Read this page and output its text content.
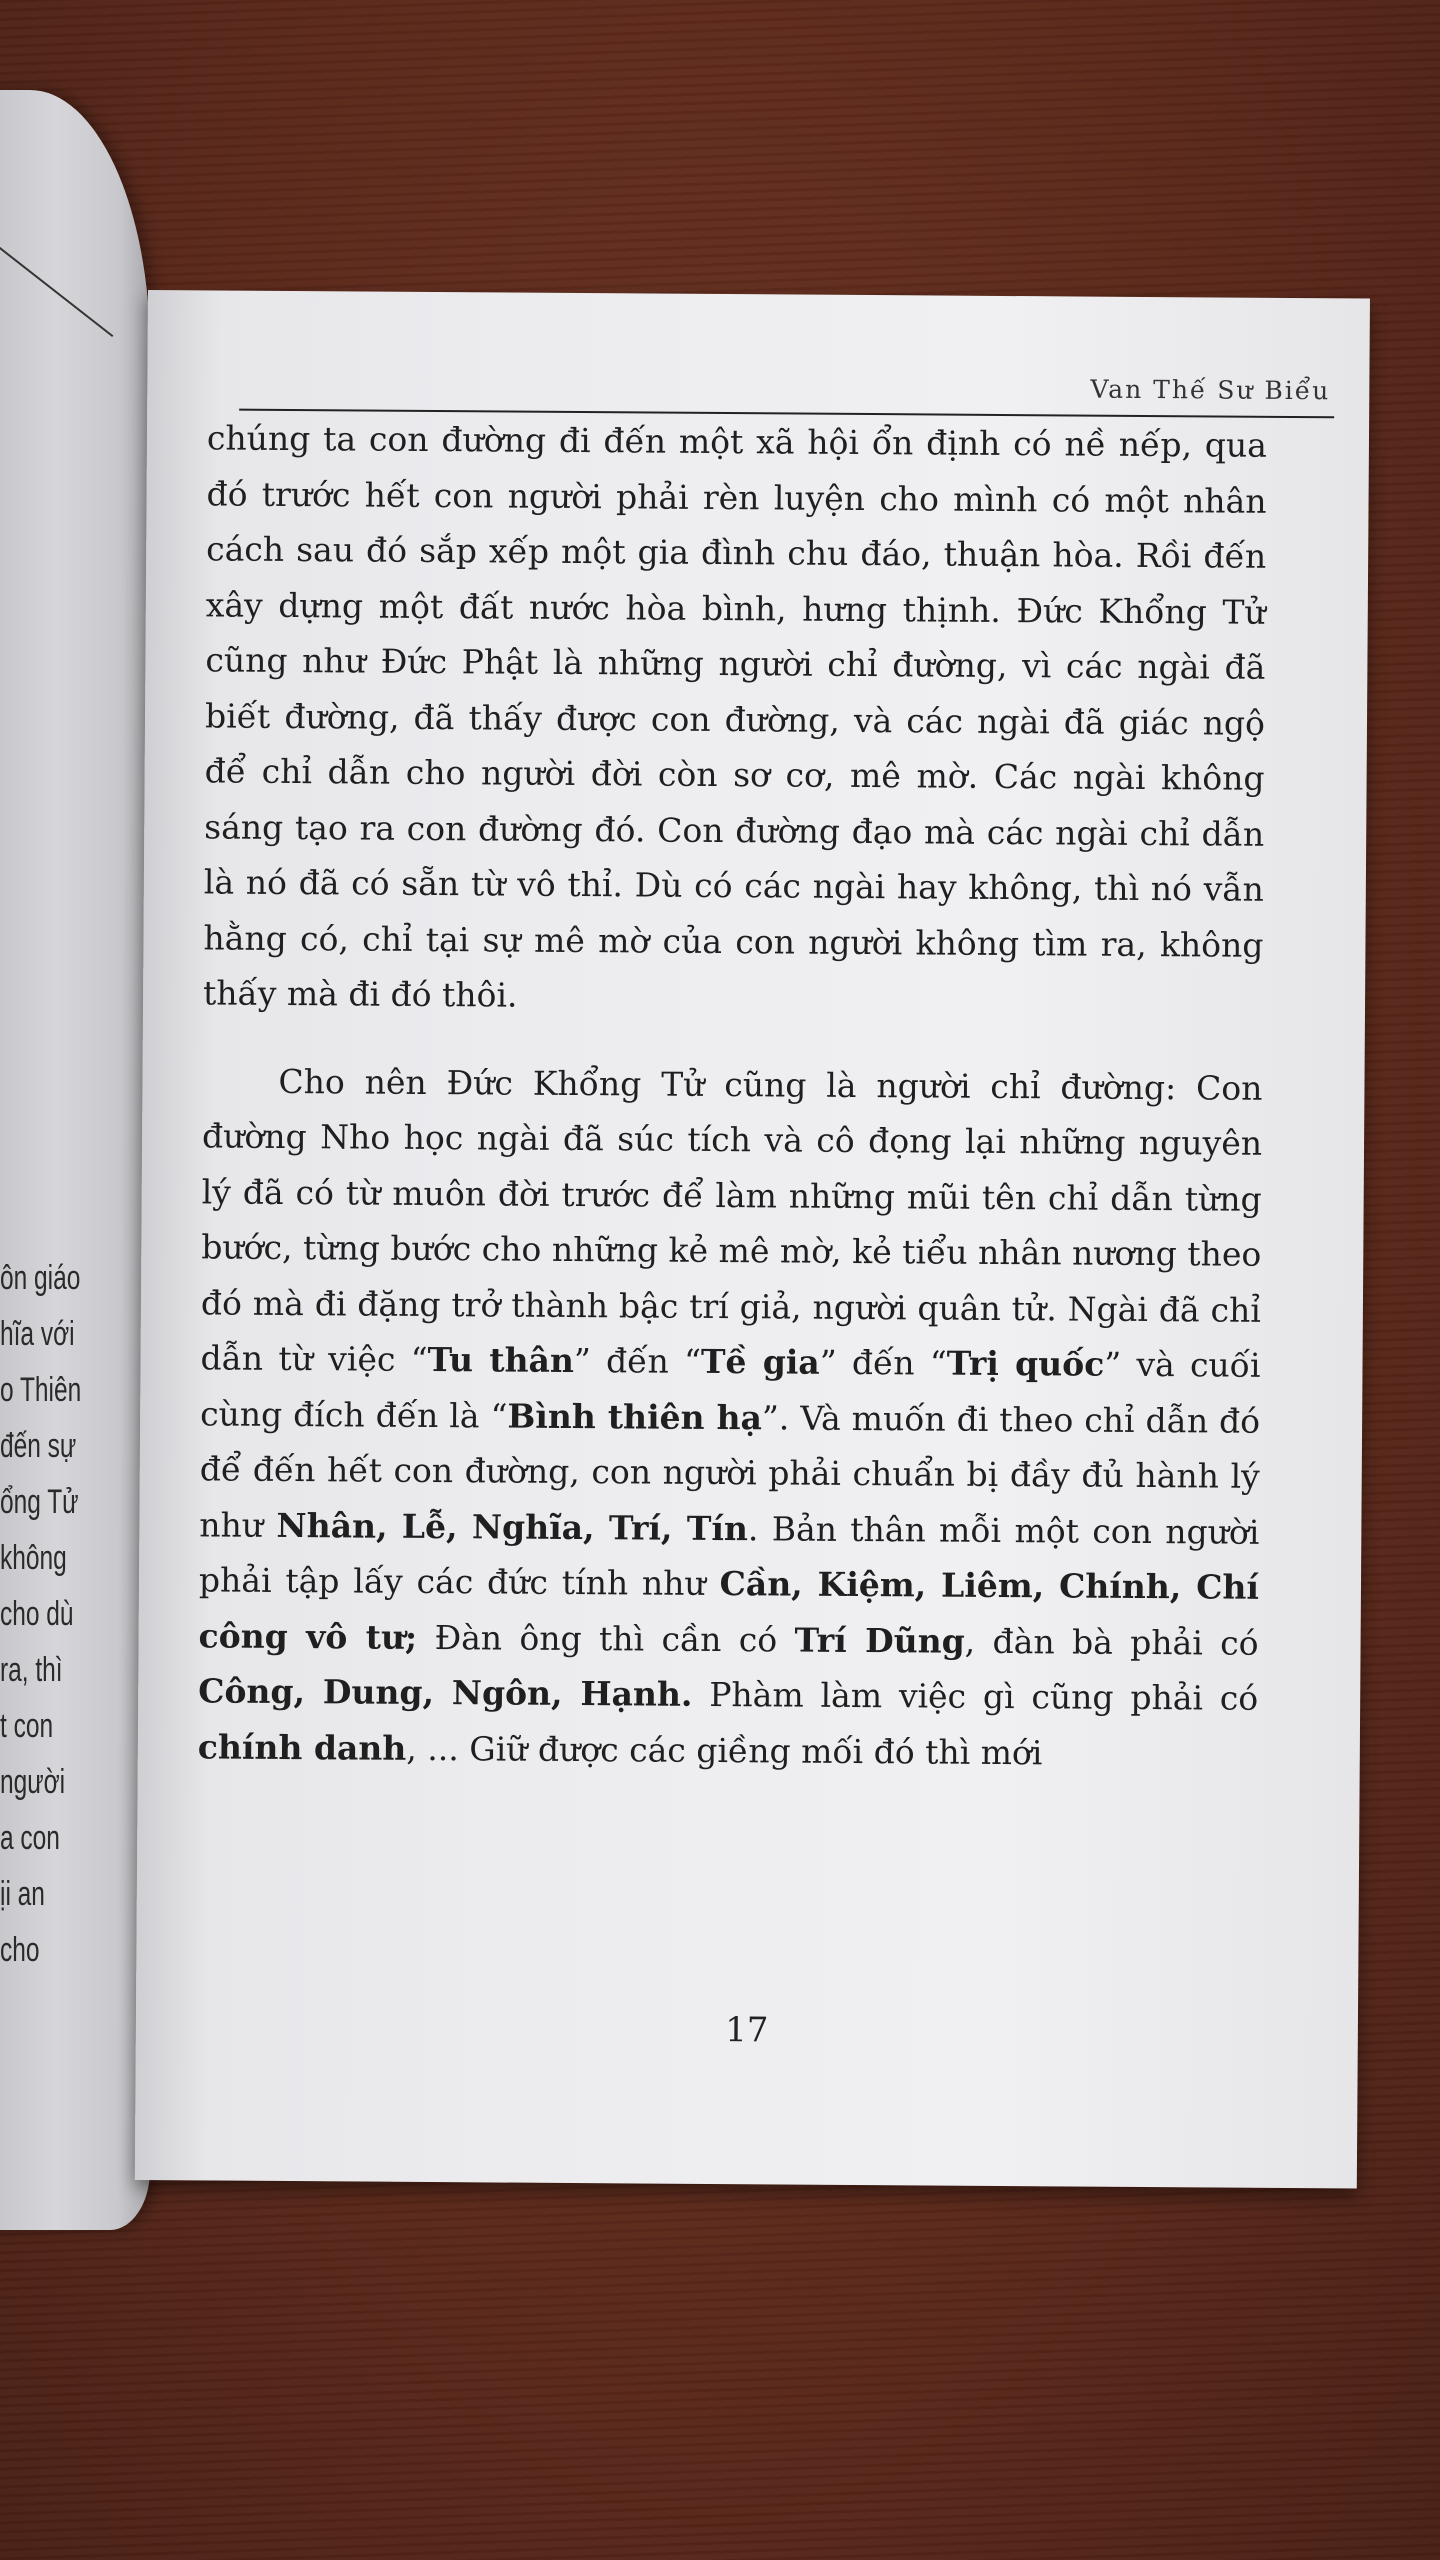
ôn giáo
hĩa với
o Thiên
đến sự
ổng Tử
không
cho dù
ra, thì
t con
người
a con
ịi an
cho
Van Thế Sư Biểu

chúng ta con đường đi đến một xã hội ổn định có nề nếp, qua đó trước hết con người phải rèn luyện cho mình có một nhân cách sau đó sắp xếp một gia đình chu đáo, thuận hòa. Rồi đến xây dựng một đất nước hòa bình, hưng thịnh. Đức Khổng Tử cũng như Đức Phật là những người chỉ đường, vì các ngài đã biết đường, đã thấy được con đường, và các ngài đã giác ngộ để chỉ dẫn cho người đời còn sơ cơ, mê mờ. Các ngài không sáng tạo ra con đường đó. Con đường đạo mà các ngài chỉ dẫn là nó đã có sẵn từ vô thỉ. Dù có các ngài hay không, thì nó vẫn hằng có, chỉ tại sự mê mờ của con người không tìm ra, không thấy mà đi đó thôi.

Cho nên Đức Khổng Tử cũng là người chỉ đường: Con đường Nho học ngài đã súc tích và cô đọng lại những nguyên lý đã có từ muôn đời trước để làm những mũi tên chỉ dẫn từng bước, từng bước cho những kẻ mê mờ, kẻ tiểu nhân nương theo đó mà đi đặng trở thành bậc trí giả, người quân tử. Ngài đã chỉ dẫn từ việc “Tu thân” đến “Tề gia” đến “Trị quốc” và cuối cùng đích đến là “Bình thiên hạ”. Và muốn đi theo chỉ dẫn đó để đến hết con đường, con người phải chuẩn bị đầy đủ hành lý như Nhân, Lễ, Nghĩa, Trí, Tín. Bản thân mỗi một con người phải tập lấy các đức tính như Cần, Kiệm, Liêm, Chính, Chí công vô tư; Đàn ông thì cần có Trí Dũng, đàn bà phải có Công, Dung, Ngôn, Hạnh. Phàm làm việc gì cũng phải có chính danh, ... Giữ được các giềng mối đó thì mới

17
